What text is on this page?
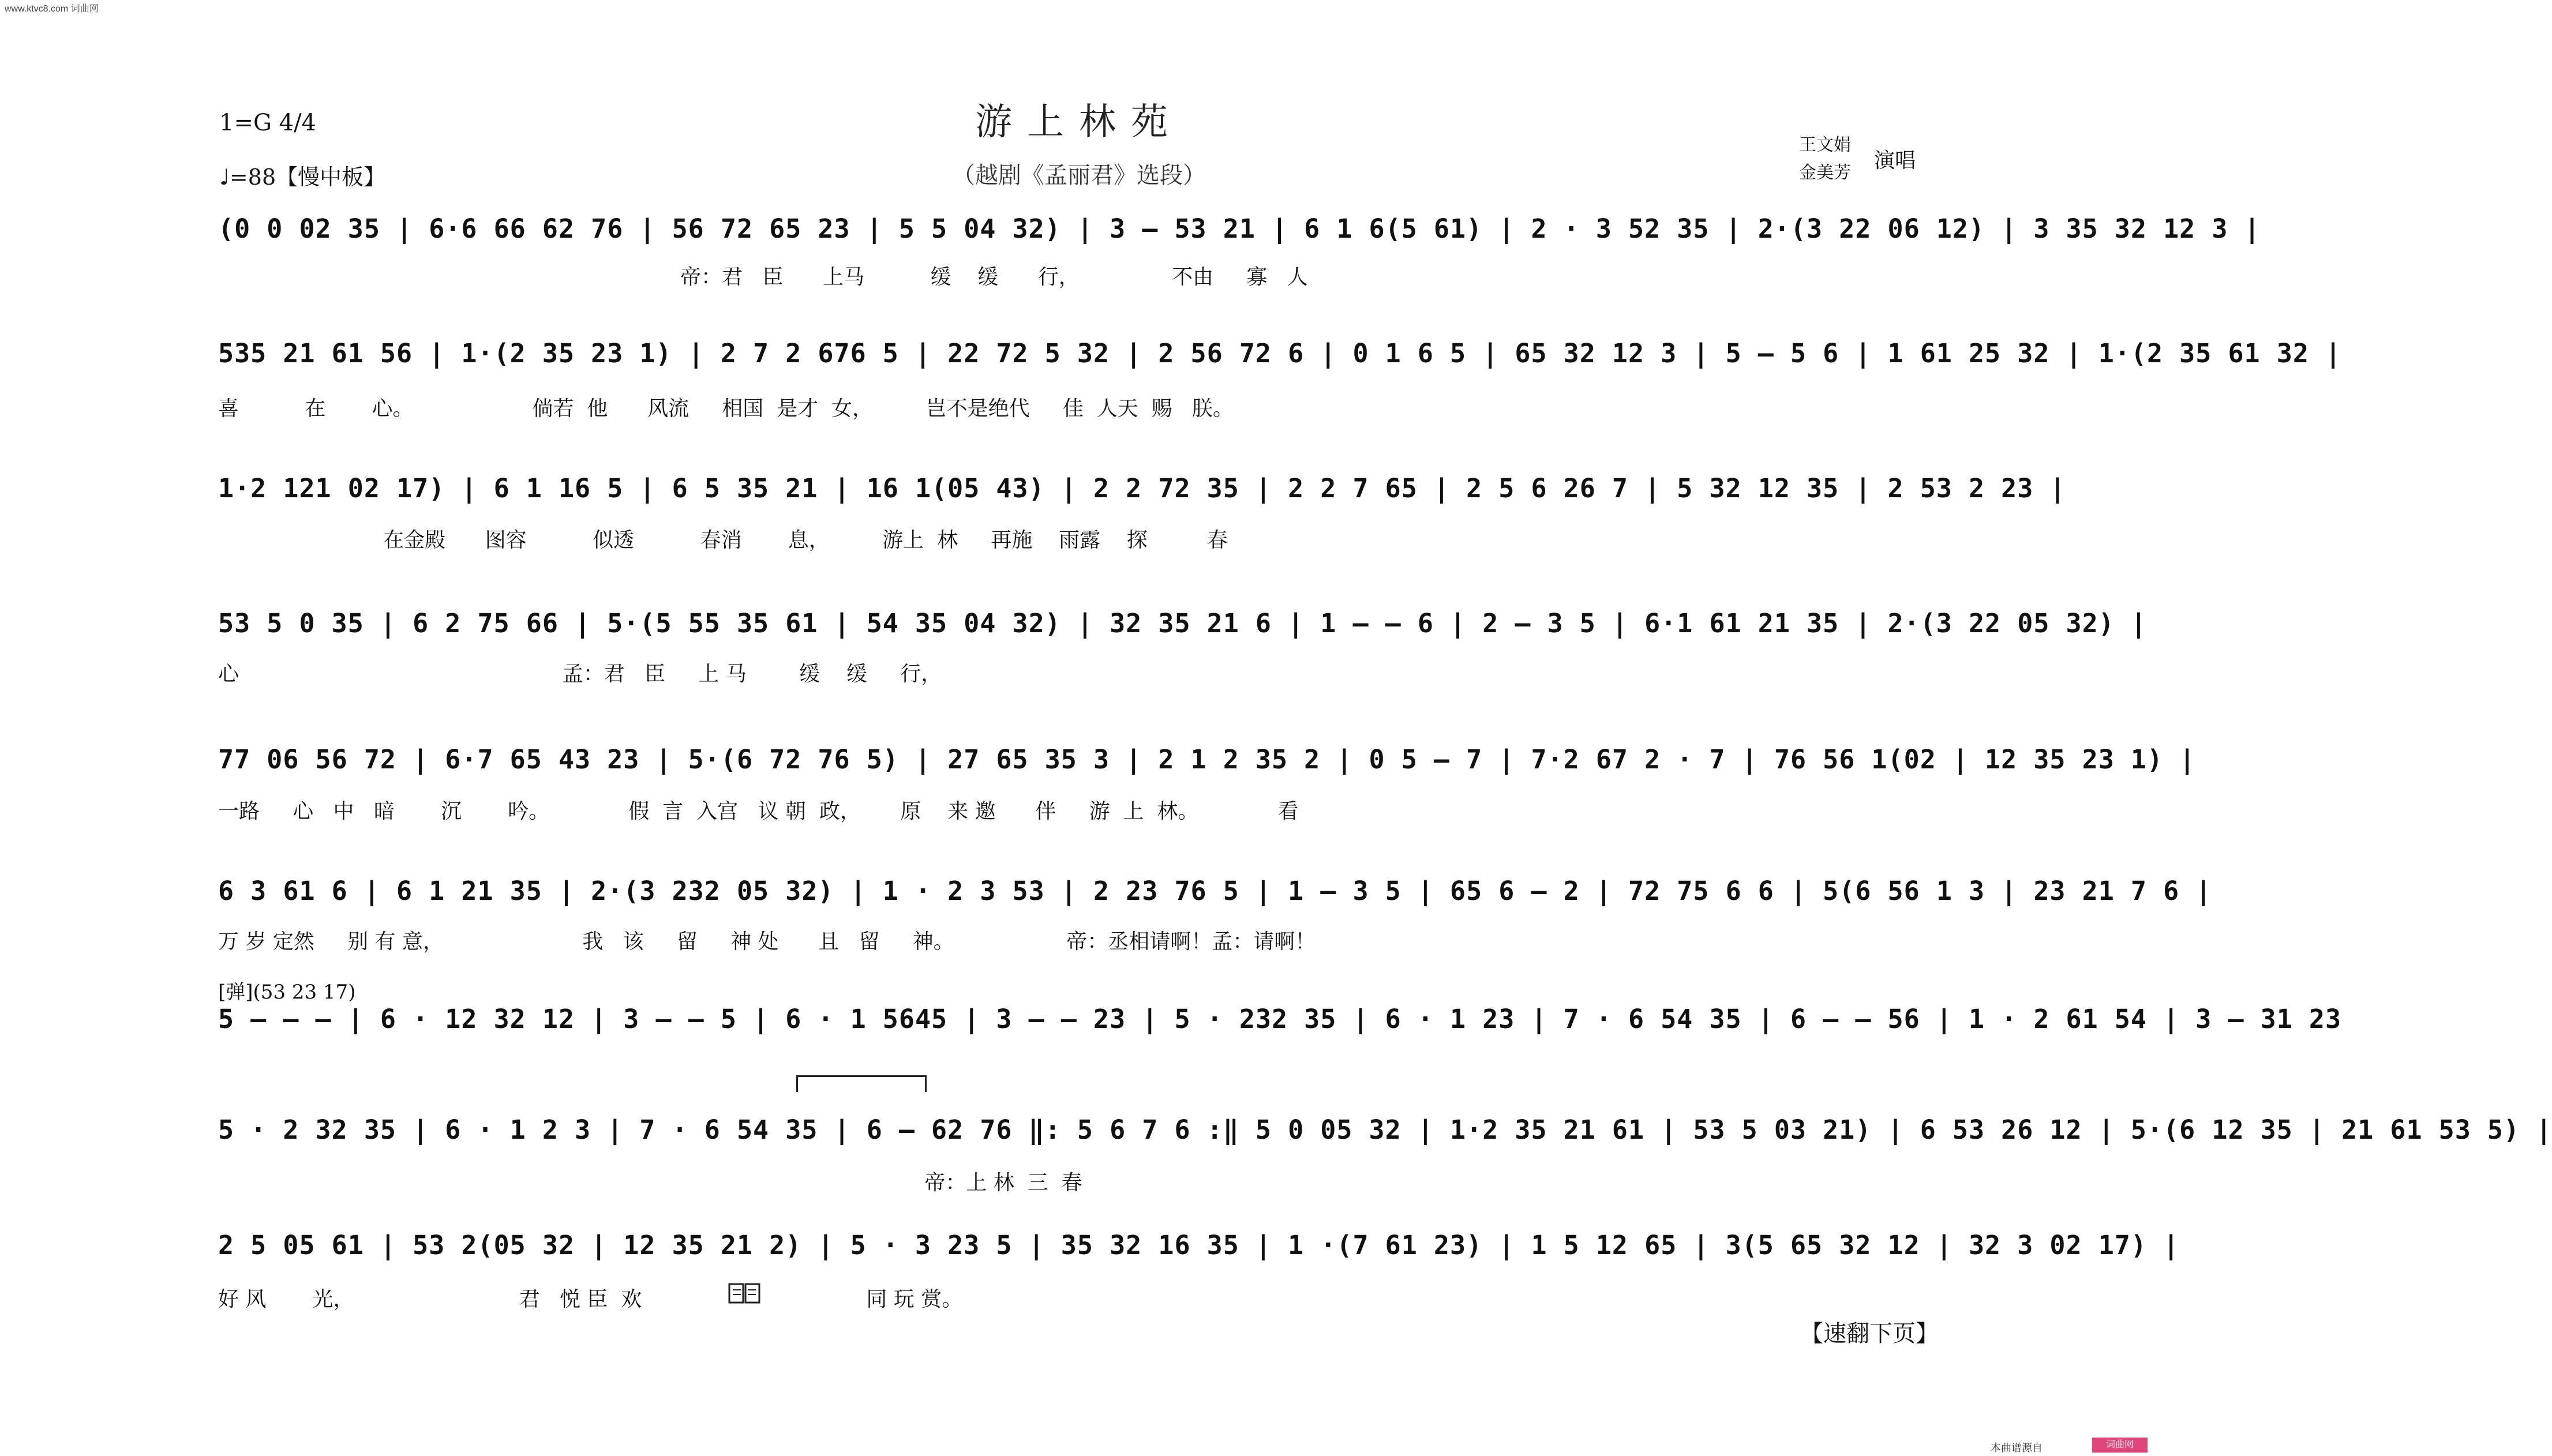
www.ktvc8.com 词曲网
游上林苑
（越剧《孟丽君》选段）
1=G 4/4
♩=88【慢中板】
王文娟
金美芳
演唱
(0 0 02 35 | 6·6 66 62 76 | 56 72 65 23 | 5 5 04 32) | 3 – 53 21 | 6 1 6(5 61) | 2 · 3 52 35 | 2·(3 22 06 12) | 3 35 32 12 3 |
帝：君   臣      上马          缓    缓      行，              不由     寡   人
535 21 61 56 | 1·(2 35 23 1) | 2 7 2 676 5 | 22 72 5 32 | 2 56 72 6 | 0 1 6 5 | 65 32 12 3 | 5 – 5 6 | 1 61 25 32 | 1·(2 35 61 32 |
喜          在       心。                  倘若  他      风流     相国  是才  女，        岂不是绝代     佳  人天  赐   朕。
1·2 121 02 17) | 6 1 16 5 | 6 5 35 21 | 16 1(05 43) | 2 2 72 35 | 2 2 7 65 | 2 5 6 26 7 | 5 32 12 35 | 2 53 2 23 |
在金殿      图容          似透          春消       息，        游上  林     再施    雨露    探         春
53 5 0 35 | 6 2 75 66 | 5·(5 55 35 61 | 54 35 04 32) | 32 35 21 6 | 1 – – 6 | 2 – 3 5 | 6·1 61 21 35 | 2·(3 22 05 32) |
心                                                 孟：君   臣     上 马        缓    缓     行，
77 06 56 72 | 6·7 65 43 23 | 5·(6 72 76 5) | 27 65 35 3 | 2 1 2 35 2 | 0 5 – 7 | 7·2 67 2 · 7 | 76 56 1(02 | 12 35 23 1) |
一路     心   中   暗       沉       吟。            假  言  入宫   议 朝  政，      原    来 邀      伴     游  上  林。            看
6 3 61 6 | 6 1 21 35 | 2·(3 232 05 32) | 1 · 2 3 53 | 2 23 76 5 | 1 – 3 5 | 65 6 – 2 | 72 75 6 6 | 5(6 56 1 3 | 23 21 7 6 |
万 岁 定然     别 有 意，                     我   该     留     神 处      且   留     神。                 帝：丞相请啊！孟：请啊！
[弹](53 23 17)
5 – – – | 6 · 12 32 12 | 3 – – 5 | 6 · 1 5645 | 3 – – 23 | 5 · 232 35 | 6 · 1 23 | 7 · 6 54 35 | 6 – – 56 | 1 · 2 61 54 | 3 – 31 23
5 · 2 32 35 | 6 · 1 2 3 | 7 · 6 54 35 | 6 – 62 76 ‖: 5 6 7 6 :‖ 5 0 05 32 | 1·2 35 21 61 | 53 5 03 21) | 6 53 26 12 | 5·(6 12 35 | 21 61 53 5) |
帝：上 林  三  春
2 5 05 61 | 53 2(05 32 | 12 35 21 2) | 5 · 3 23 5 | 35 32 16 35 | 1 ·(7 61 23) | 1 5 12 65 | 3(5 65 32 12 | 32 3 02 17) |
好 风       光，                         君   悦 臣  欢                                  同 玩 赏。
【速翻下页】
本曲谱源自	词曲网
